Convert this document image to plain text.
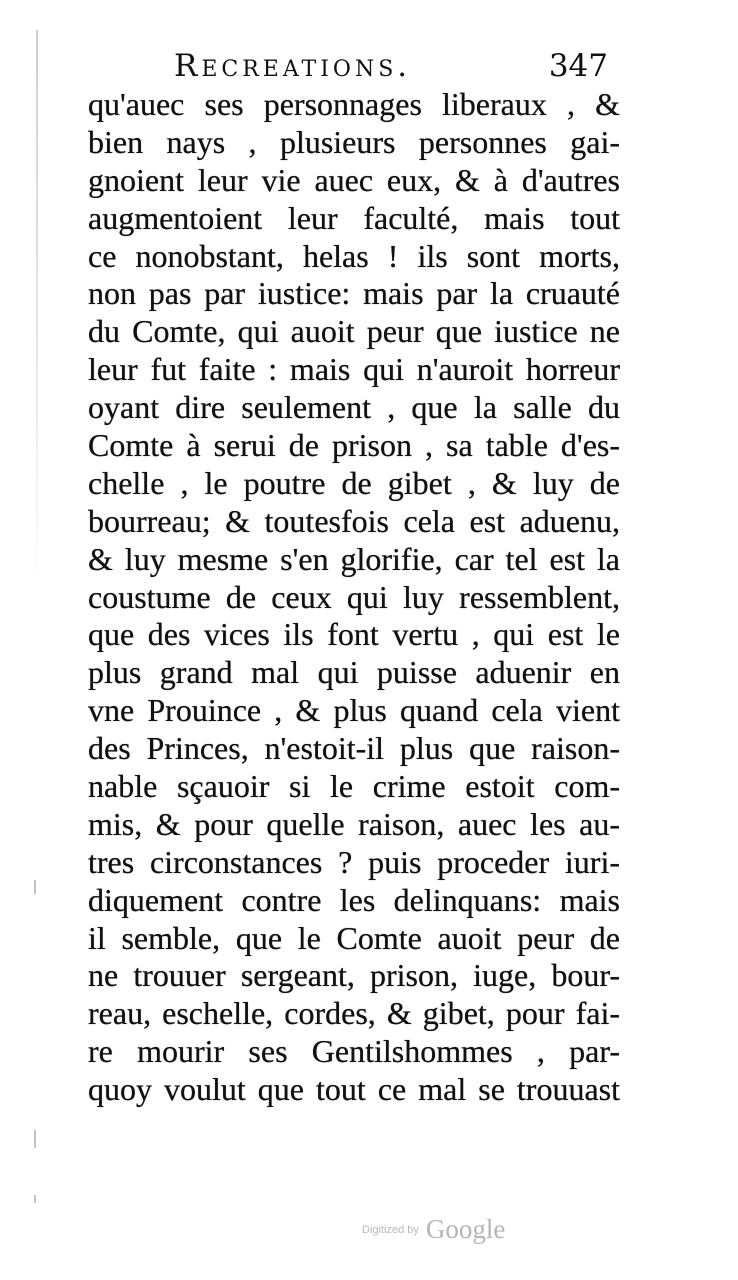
Recreations.	347
qu'auec ses personnages liberaux , &
bien nays , plusieurs personnes gai-
gnoient leur vie auec eux, & à d'autres
augmentoient leur faculté, mais tout
ce nonobstant, helas ! ils sont morts,
non pas par iustice: mais par la cruauté
du Comte, qui auoit peur que iustice ne
leur fut faite : mais qui n'auroit horreur
oyant dire seulement , que la salle du
Comte à serui de prison , sa table d'es-
chelle , le poutre de gibet , & luy de
bourreau; & toutesfois cela est aduenu,
& luy mesme s'en glorifie, car tel est la
coustume de ceux qui luy ressemblent,
que des vices ils font vertu , qui est le
plus grand mal qui puisse aduenir en
vne Prouince , & plus quand cela vient
des Princes, n'estoit-il plus que raison-
nable sçauoir si le crime estoit com-
mis, & pour quelle raison, auec les au-
tres circonstances ? puis proceder iuri-
diquement contre les delinquans: mais
il semble, que le Comte auoit peur de
ne trouuer sergeant, prison, iuge, bour-
reau, eschelle, cordes, & gibet, pour fai-
re mourir ses Gentilshommes , par-
quoy voulut que tout ce mal se trouuast
Digitized by Google
